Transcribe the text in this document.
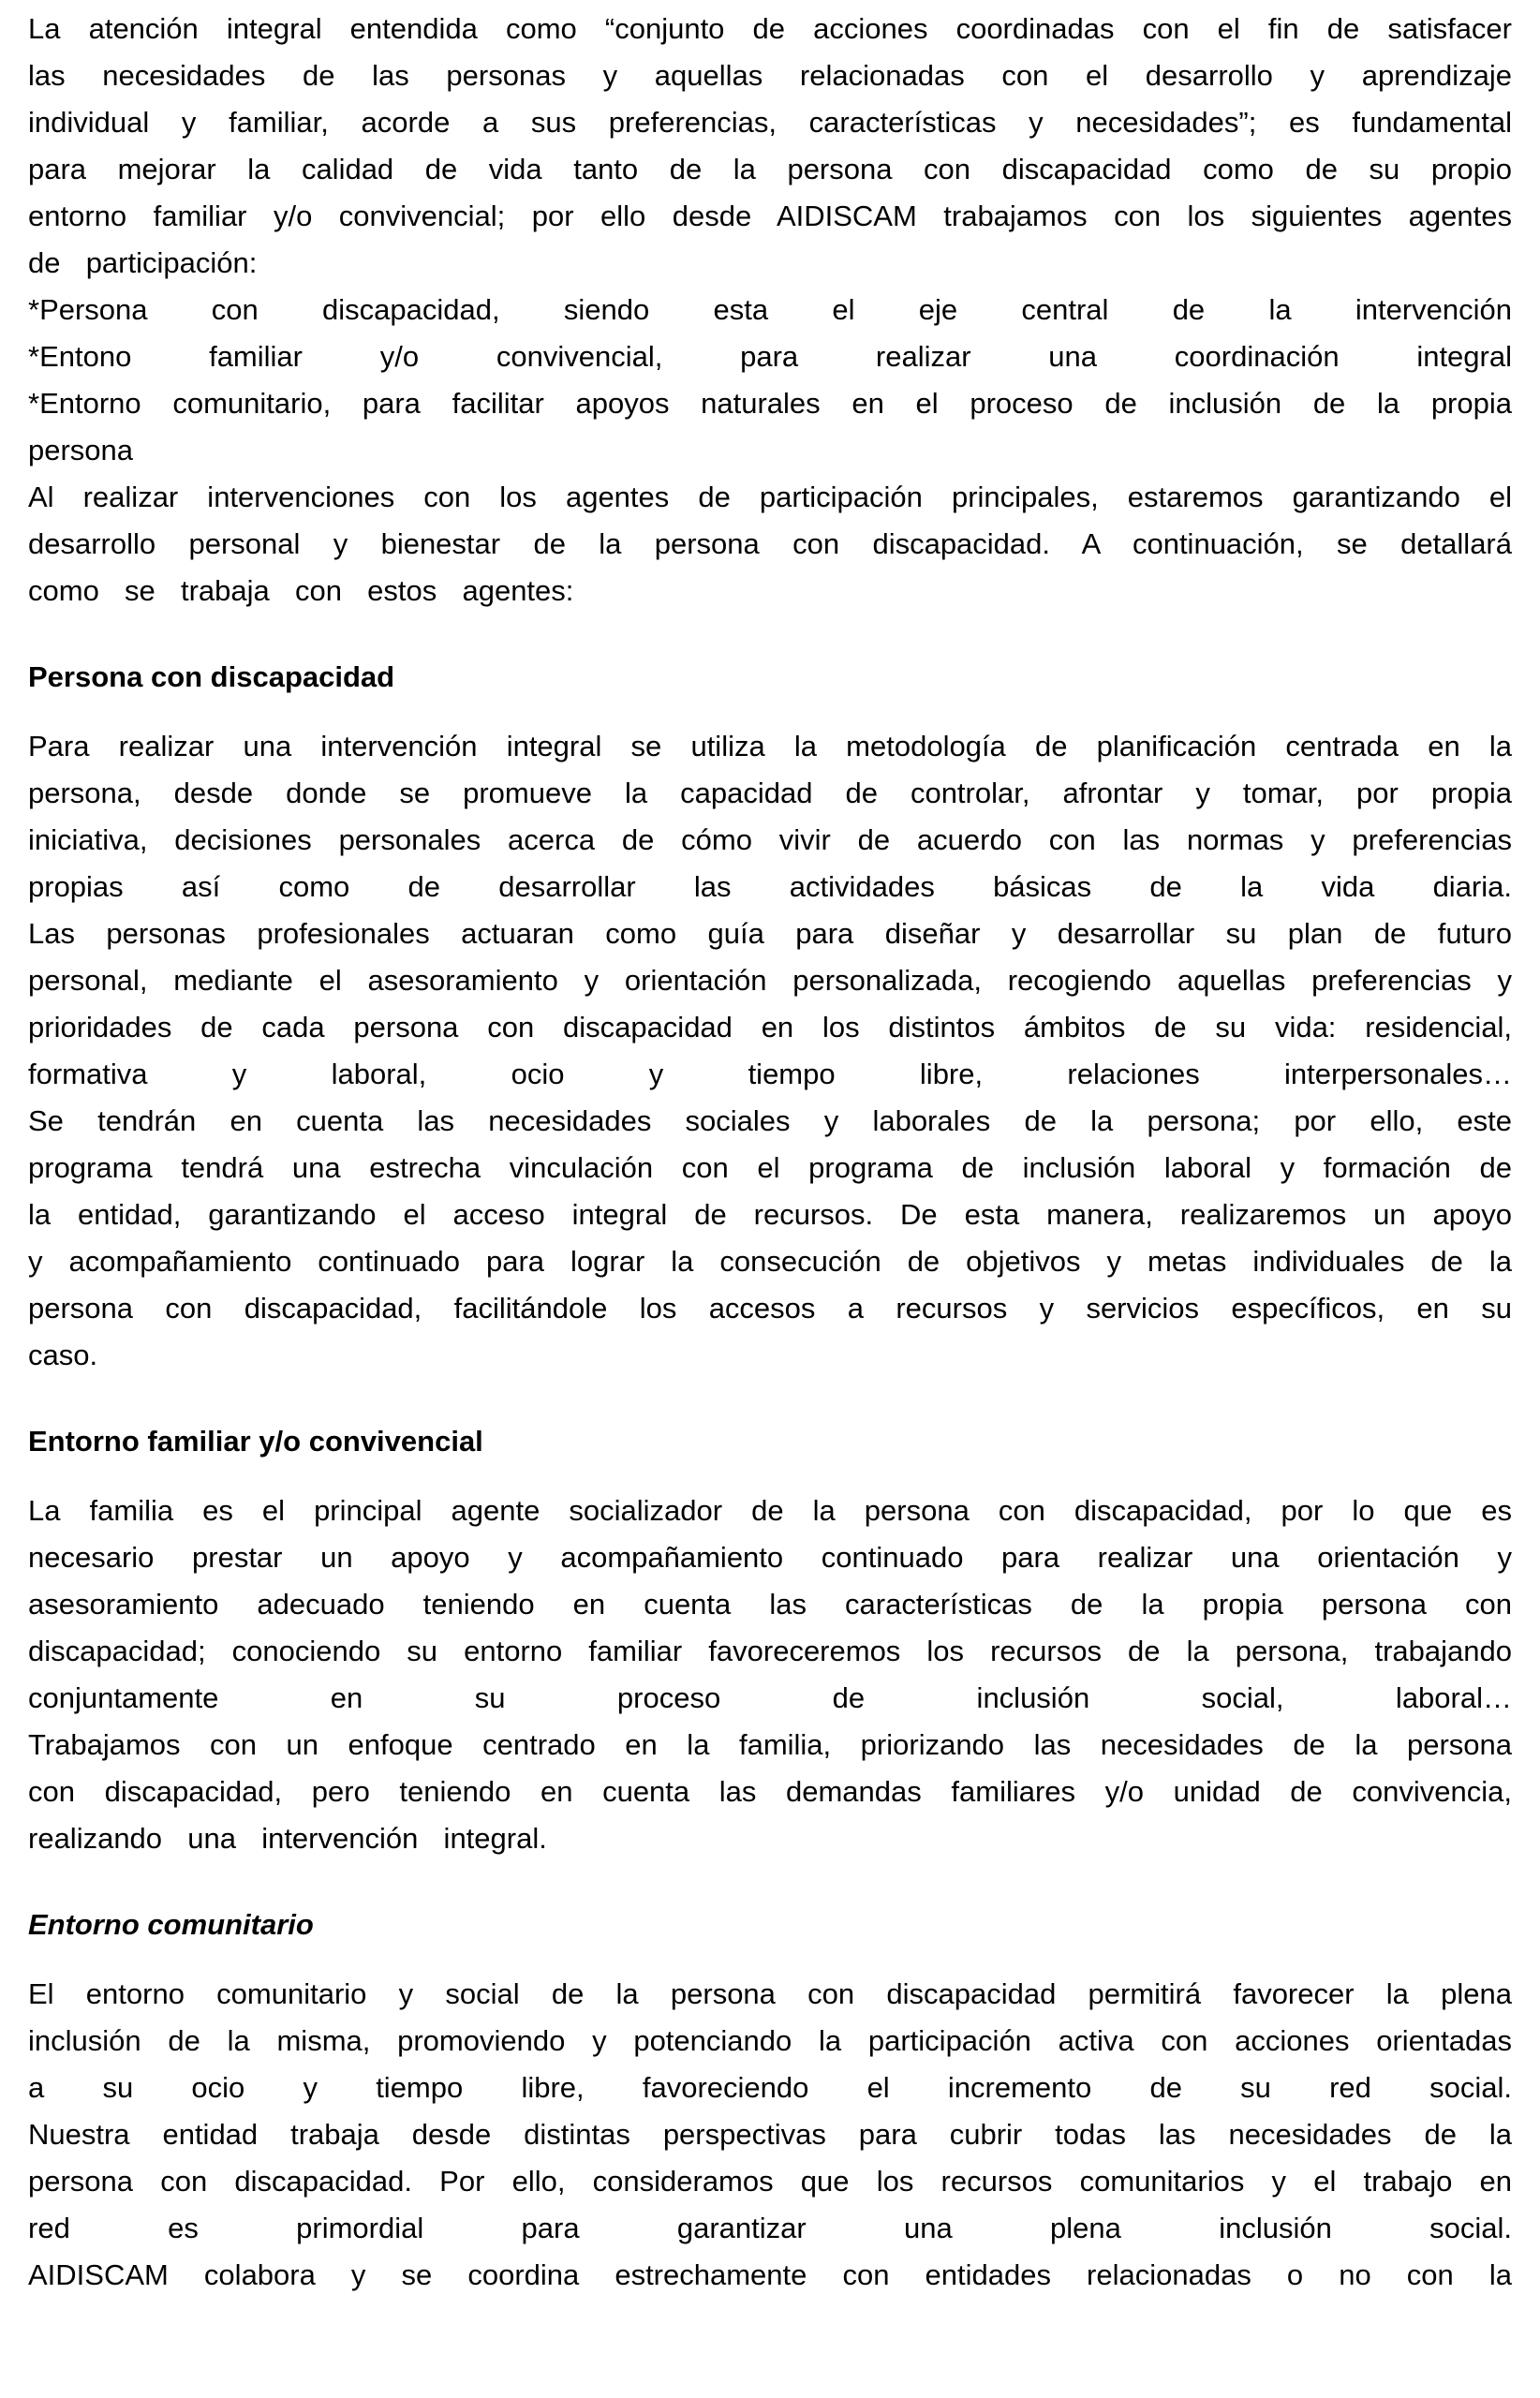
La atención integral entendida como “conjunto de acciones coordinadas con el fin de satisfacer las necesidades de las personas y aquellas relacionadas con el desarrollo y aprendizaje individual y familiar, acorde a sus preferencias, características y necesidades”; es fundamental para mejorar la calidad de vida tanto de la persona con discapacidad como de su propio entorno familiar y/o convivencial; por ello desde AIDISCAM trabajamos con los siguientes agentes de participación:

*Persona con discapacidad, siendo esta el eje central de la intervención

*Entono familiar y/o convivencial, para realizar una coordinación integral

*Entorno comunitario, para facilitar apoyos naturales en el proceso de inclusión de la propia persona

Al realizar intervenciones con los agentes de participación principales, estaremos garantizando el desarrollo personal y bienestar de la persona con discapacidad. A continuación, se detallará como se trabaja con estos agentes:

Persona con discapacidad

Para realizar una intervención integral se utiliza la metodología de planificación centrada en la persona, desde donde se promueve la capacidad de controlar, afrontar y tomar, por propia iniciativa, decisiones personales acerca de cómo vivir de acuerdo con las normas y preferencias propias así como de desarrollar las actividades básicas de la vida diaria.

Las personas profesionales actuaran como guía para diseñar y desarrollar su plan de futuro personal, mediante el asesoramiento y orientación personalizada, recogiendo aquellas preferencias y prioridades de cada persona con discapacidad en los distintos ámbitos de su vida: residencial, formativa y laboral, ocio y tiempo libre, relaciones interpersonales…

Se tendrán en cuenta las necesidades sociales y laborales de la persona; por ello, este programa tendrá una estrecha vinculación con el programa de inclusión laboral y formación de la entidad, garantizando el acceso integral de recursos. De esta manera, realizaremos un apoyo y acompañamiento continuado para lograr la consecución de objetivos y metas individuales de la persona con discapacidad, facilitándole los accesos a recursos y servicios específicos, en su caso.

Entorno familiar y/o convivencial

La familia es el principal agente socializador de la persona con discapacidad, por lo que es necesario prestar un apoyo y acompañamiento continuado para realizar una orientación y asesoramiento adecuado teniendo en cuenta las características de la propia persona con discapacidad; conociendo su entorno familiar favoreceremos los recursos de la persona, trabajando conjuntamente en su proceso de inclusión social, laboral…

Trabajamos con un enfoque centrado en la familia, priorizando las necesidades de la persona con discapacidad, pero teniendo en cuenta las demandas familiares y/o unidad de convivencia, realizando una intervención integral.

Entorno comunitario

El entorno comunitario y social de la persona con discapacidad permitirá favorecer la plena inclusión de la misma, promoviendo y potenciando la participación activa con acciones orientadas a su ocio y tiempo libre, favoreciendo el incremento de su red social.

Nuestra entidad trabaja desde distintas perspectivas para cubrir todas las necesidades de la persona con discapacidad. Por ello, consideramos que los recursos comunitarios y el trabajo en red es primordial para garantizar una plena inclusión social.

AIDISCAM colabora y se coordina estrechamente con entidades relacionadas o no con la
